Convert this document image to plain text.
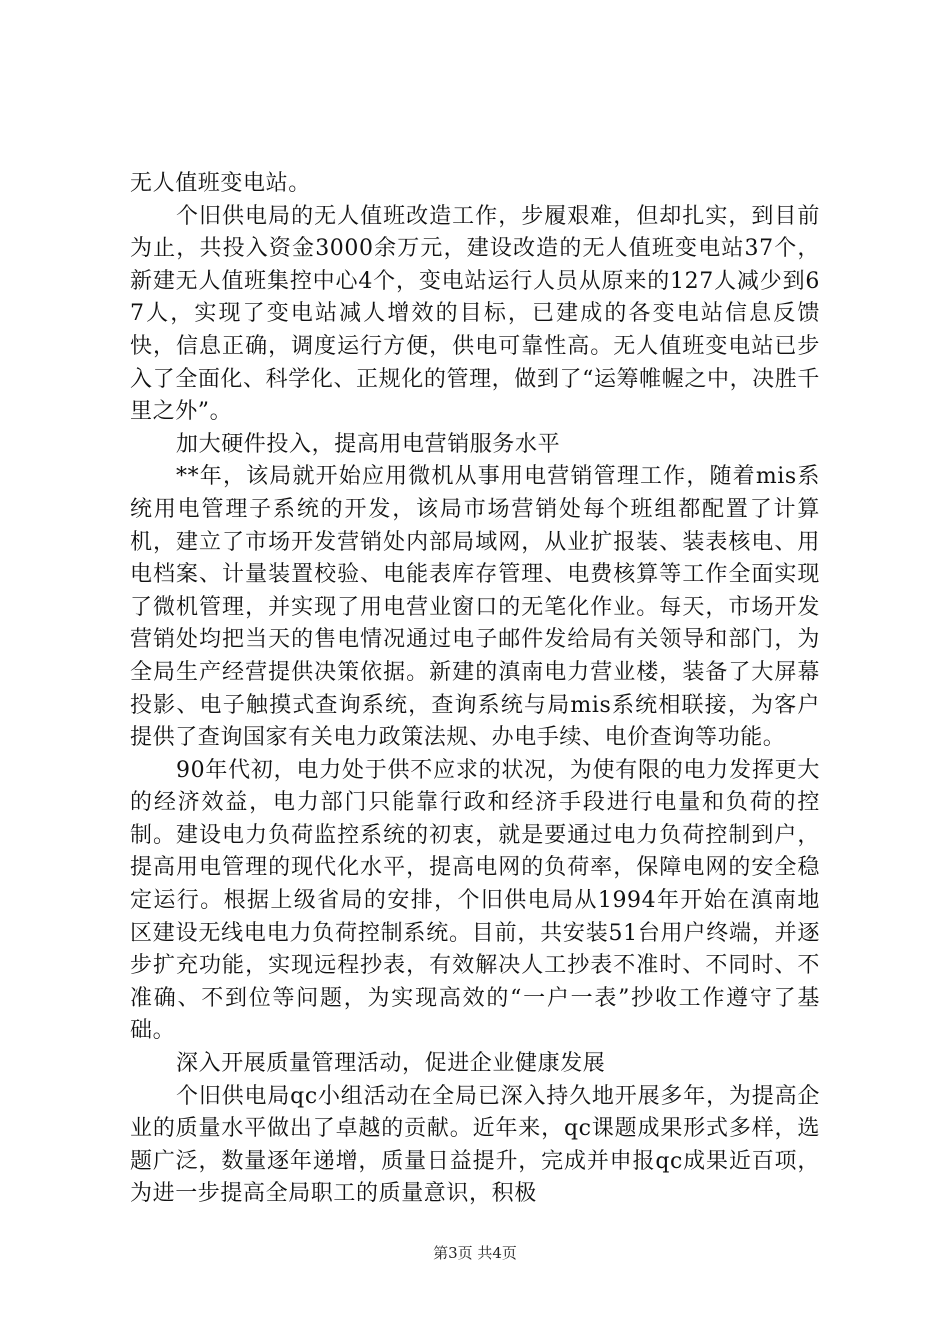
无人值班变电站。

个旧供电局的无人值班改造工作，步履艰难，但却扎实，到目前为止，共投入资金3000余万元，建设改造的无人值班变电站37个，新建无人值班集控中心4个，变电站运行人员从原来的127人减少到67人，实现了变电站减人增效的目标，已建成的各变电站信息反馈快，信息正确，调度运行方便，供电可靠性高。无人值班变电站已步入了全面化、科学化、正规化的管理，做到了“运筹帷幄之中，决胜千里之外”。

加大硬件投入，提高用电营销服务水平

**年，该局就开始应用微机从事用电营销管理工作，随着mis系统用电管理子系统的开发，该局市场营销处每个班组都配置了计算机，建立了市场开发营销处内部局域网，从业扩报装、装表核电、用电档案、计量装置校验、电能表库存管理、电费核算等工作全面实现了微机管理，并实现了用电营业窗口的无笔化作业。每天，市场开发营销处均把当天的售电情况通过电子邮件发给局有关领导和部门，为全局生产经营提供决策依据。新建的滇南电力营业楼，装备了大屏幕投影、电子触摸式查询系统，查询系统与局mis系统相联接，为客户提供了查询国家有关电力政策法规、办电手续、电价查询等功能。

90年代初，电力处于供不应求的状况，为使有限的电力发挥更大的经济效益，电力部门只能靠行政和经济手段进行电量和负荷的控制。建设电力负荷监控系统的初衷，就是要通过电力负荷控制到户，提高用电管理的现代化水平，提高电网的负荷率，保障电网的安全稳定运行。根据上级省局的安排，个旧供电局从1994年开始在滇南地区建设无线电电力负荷控制系统。目前，共安装51台用户终端，并逐步扩充功能，实现远程抄表，有效解决人工抄表不准时、不同时、不准确、不到位等问题，为实现高效的“一户一表”抄收工作遵守了基础。

深入开展质量管理活动，促进企业健康发展

个旧供电局qc小组活动在全局已深入持久地开展多年，为提高企业的质量水平做出了卓越的贡献。近年来，qc课题成果形式多样，选题广泛，数量逐年递增，质量日益提升，完成并申报qc成果近百项，为进一步提高全局职工的质量意识，积极

第3页 共4页
